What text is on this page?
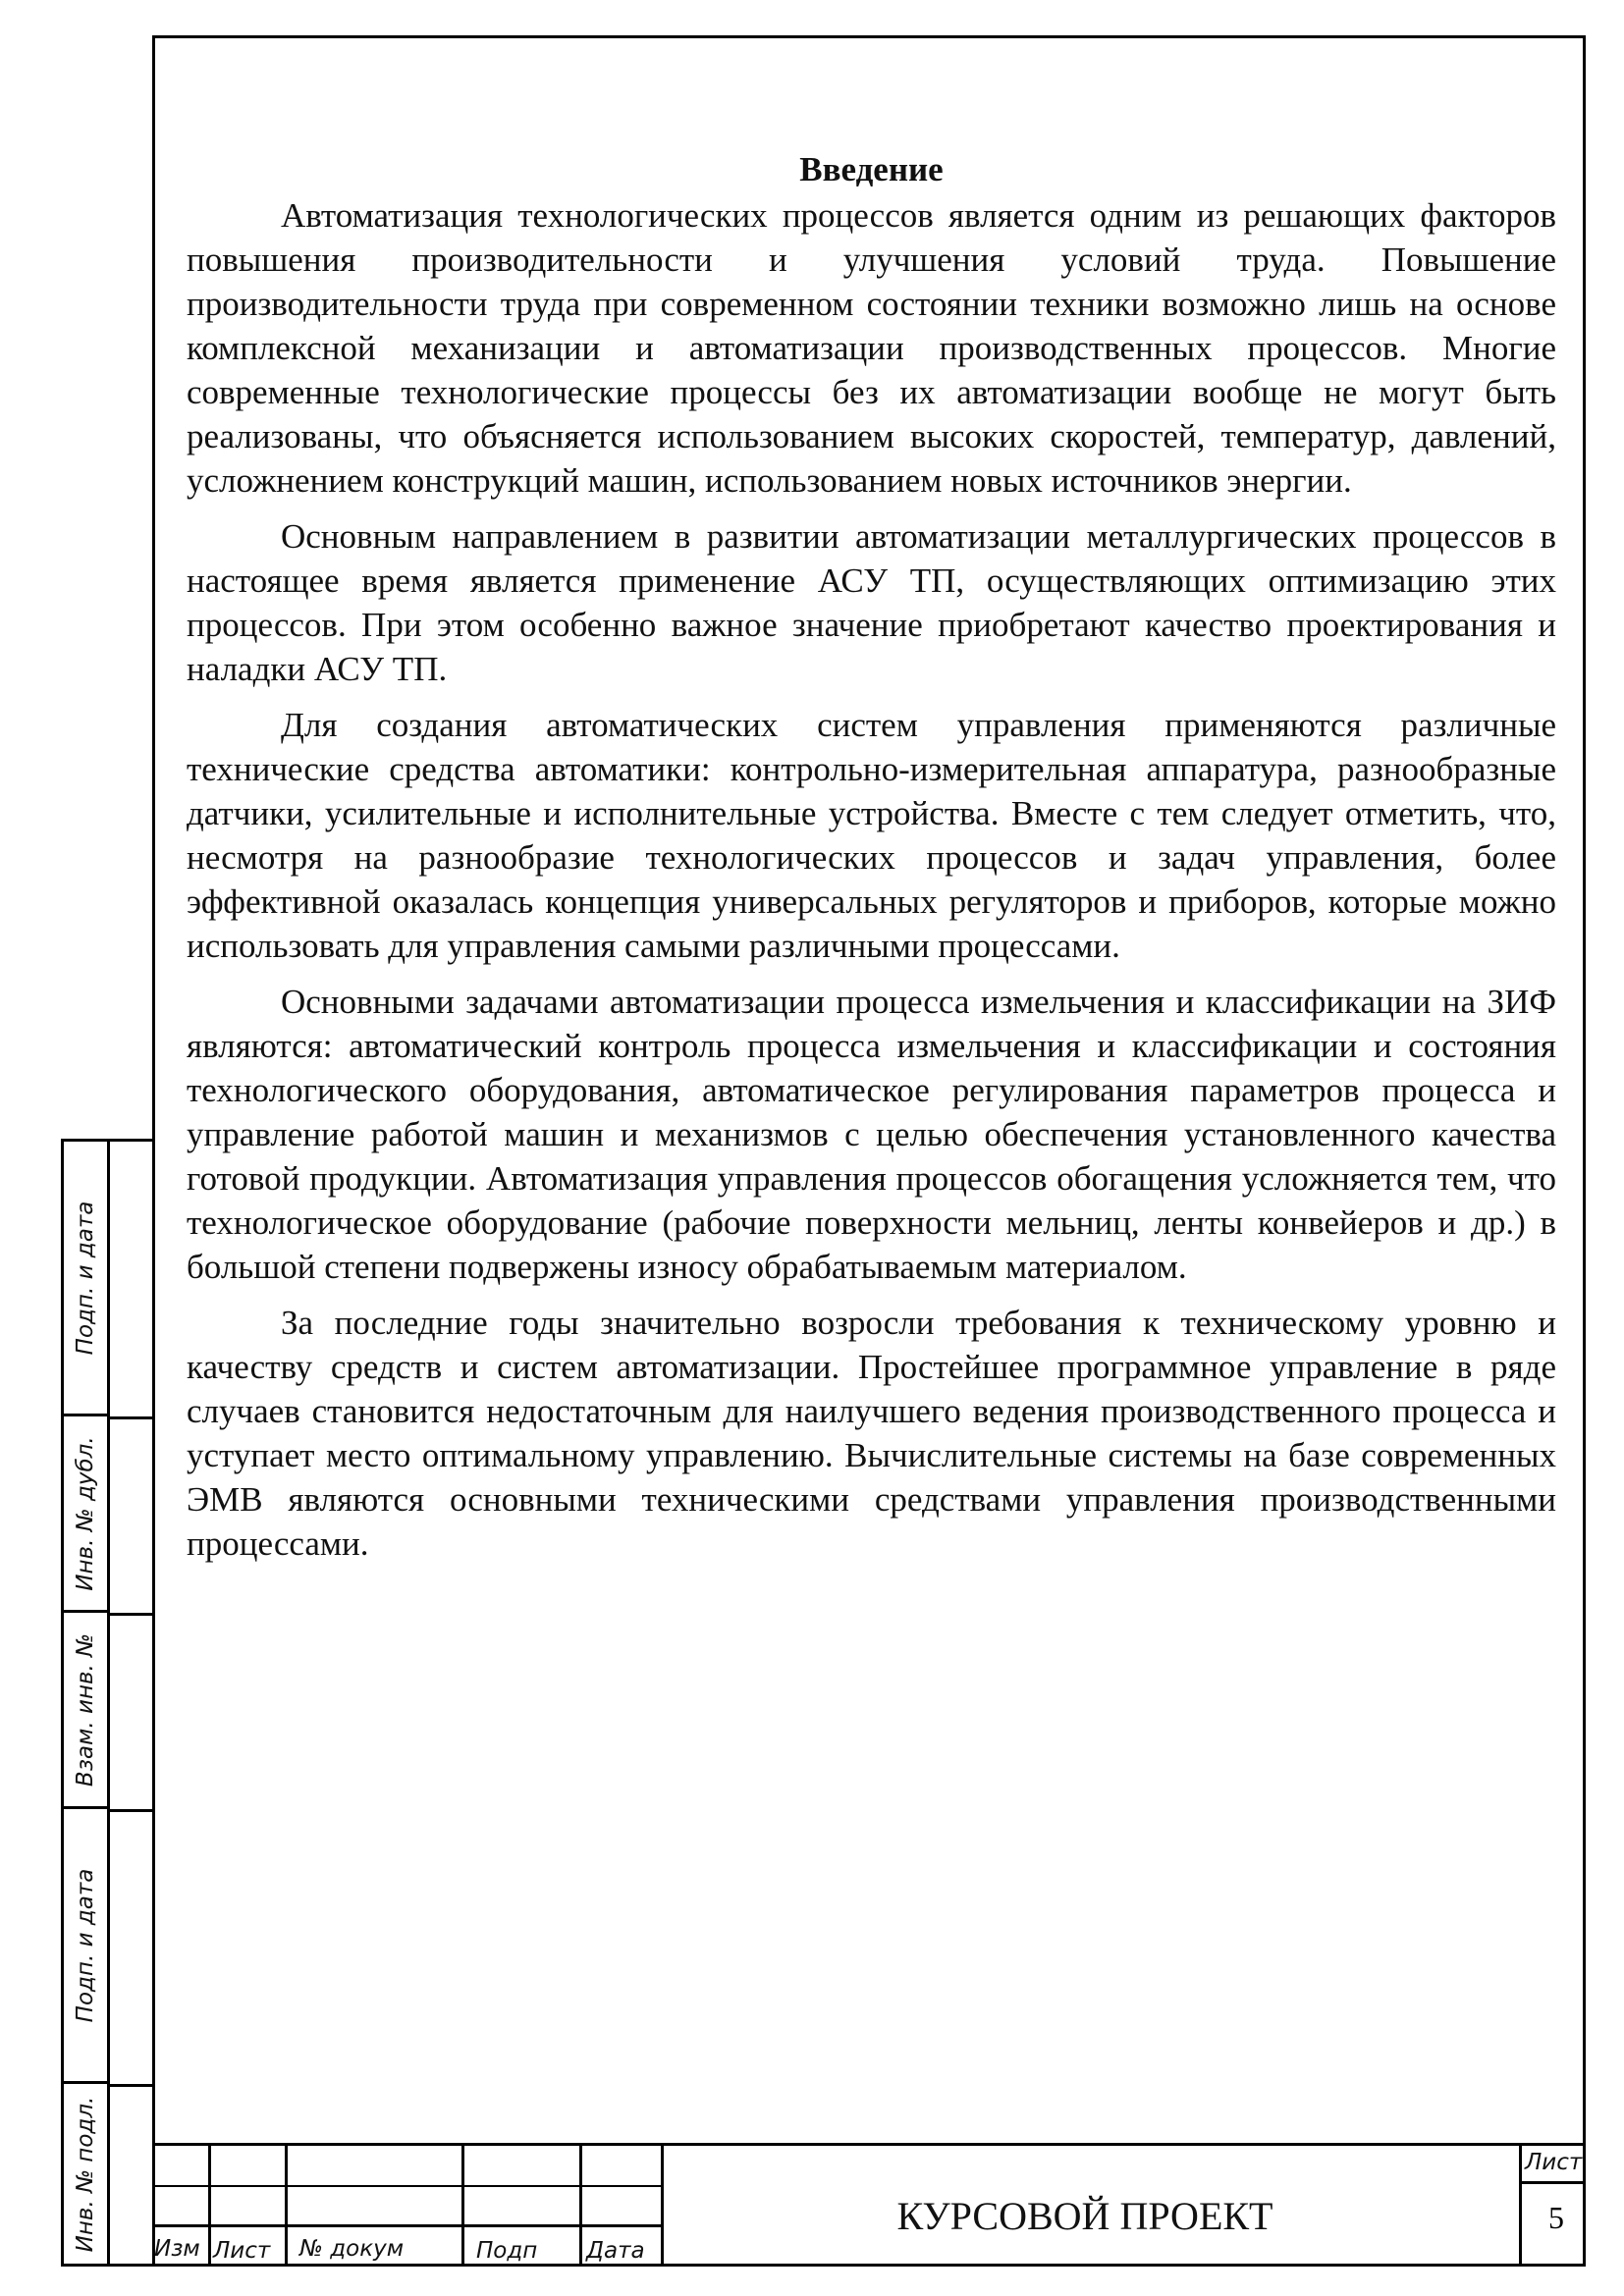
Введение

Автоматизация технологических процессов является одним из решающих факторов повышения производительности и улучшения условий труда. Повышение производительности труда при современном состоянии техники возможно лишь на основе комплексной механизации и автоматизации производственных процессов. Многие современные технологические процессы без их автоматизации вообще не могут быть реализованы, что объясняется использованием высоких скоростей, температур, давлений, усложнением конструкций машин, использованием новых источников энергии.

Основным направлением в развитии автоматизации металлургических процессов в настоящее время является применение АСУ ТП, осуществляющих оптимизацию этих процессов. При этом особенно важное значение приобретают качество проектирования и наладки АСУ ТП.

Для создания автоматических систем управления применяются различные технические средства автоматики: контрольно-измерительная аппаратура, разнообразные датчики, усилительные и исполнительные устройства. Вместе с тем следует отметить, что, несмотря на разнообразие технологических процессов и задач управления, более эффективной оказалась концепция универсальных регуляторов и приборов, которые можно использовать для управления самыми различными процессами.

Основными задачами автоматизации процесса измельчения и классификации на ЗИФ являются: автоматический контроль процесса измельчения и классификации и состояния технологического оборудования, автоматическое регулирования параметров процесса и управление работой машин и механизмов с целью обеспечения установленного качества готовой продукции. Автоматизация управления процессов обогащения усложняется тем, что технологическое оборудование (рабочие поверхности мельниц, ленты конвейеров и др.) в большой степени подвержены износу обрабатываемым материалом.

За последние годы значительно возросли требования к техническому уровню и качеству средств и систем автоматизации. Простейшее программное управление в ряде случаев становится недостаточным для наилучшего ведения производственного процесса и уступает место оптимальному управлению. Вычислительные системы на базе современных ЭМВ являются основными техническими средствами управления производственными процессами.

Подп. и дата
Инв. № дубл.
Взам. инв. №
Подп. и дата
Инв. № подл. Изм Лист № докум	Подп Дата
КУРСОВОЙ ПРОЕКТ
Лист
5
